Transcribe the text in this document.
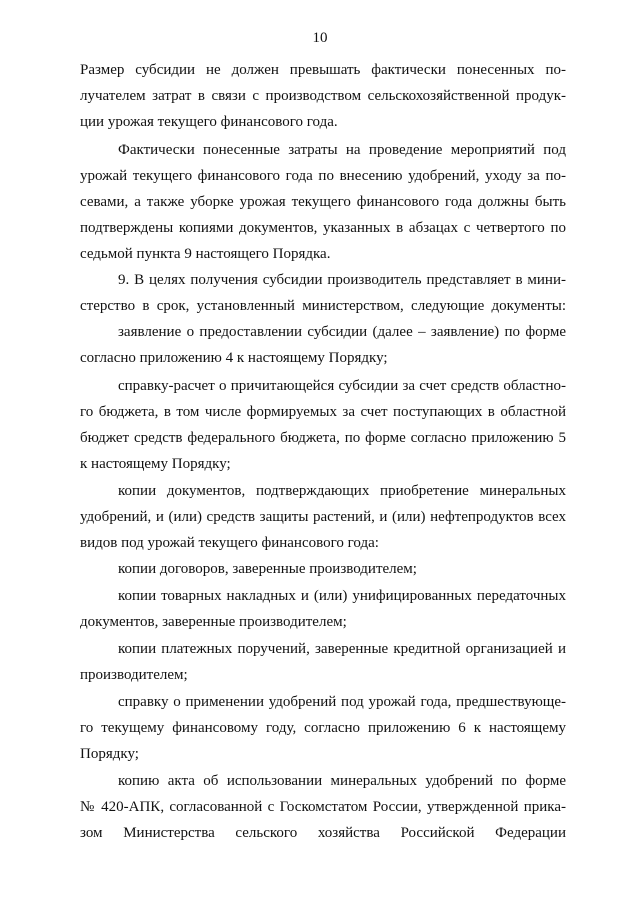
10
Размер субсидии не должен превышать фактически понесенных по-
лучателем затрат в связи с производством сельскохозяйственной продук-
ции урожая текущего финансового года.
Фактически понесенные затраты на проведение мероприятий под
урожай текущего финансового года по внесению удобрений, уходу за по-
севами, а также уборке урожая текущего финансового года должны быть
подтверждены копиями документов, указанных в абзацах с четвертого по
седьмой пункта 9 настоящего Порядка.
9. В целях получения субсидии производитель представляет в мини-
стерство в срок, установленный министерством, следующие документы:
заявление о предоставлении субсидии (далее – заявление) по форме
согласно приложению 4 к настоящему Порядку;
справку-расчет о причитающейся субсидии за счет средств областно-
го бюджета, в том числе формируемых за счет поступающих в областной
бюджет средств федерального бюджета, по форме согласно приложению 5
к настоящему Порядку;
копии документов, подтверждающих приобретение минеральных
удобрений, и (или) средств защиты растений, и (или) нефтепродуктов всех
видов под урожай текущего финансового года:
копии договоров, заверенные производителем;
копии товарных накладных и (или) унифицированных передаточных
документов, заверенные производителем;
копии платежных поручений, заверенные кредитной организацией и
производителем;
справку о применении удобрений под урожай года, предшествующе-
го текущему финансовому году, согласно приложению 6 к настоящему
Порядку;
копию акта об использовании минеральных удобрений по форме
№ 420-АПК, согласованной с Госкомстатом России, утвержденной прика-
зом Министерства сельского хозяйства Российской Федерации
